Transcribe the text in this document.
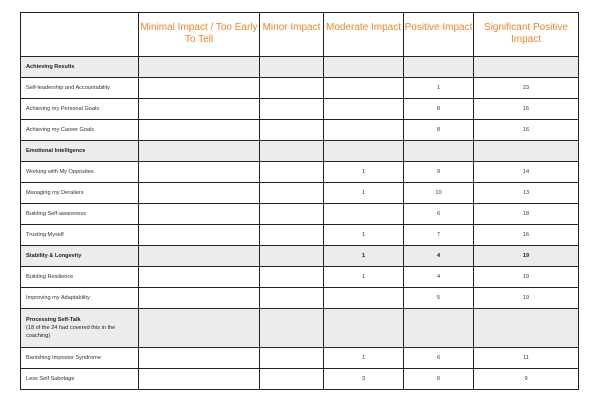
	Minimal Impact / Too Early To Tell	Minor Impact	Moderate Impact	Positive Impact	Significant Positive Impact
Achieving Results					
Self-leadership and Accountability				1	23
Achieving my Personal Goals				8	16
Achieving my Career Goals				8	16
Emotional Intelligence					
Working with My Opposites			1	9	14
Managing my Derailers			1	10	13
Building Self-awareness				6	18
Trusting Myself			1	7	16
Stability & Longevity			1	4	19
Building Resilience			1	4	19
Improving my Adaptability				5	19

Processing Self-Talk
(18 of the 24 had covered this in the coaching)					

Banishing Impostor Syndrome			1	6	11
Less Self Sabotage			3	6	9
